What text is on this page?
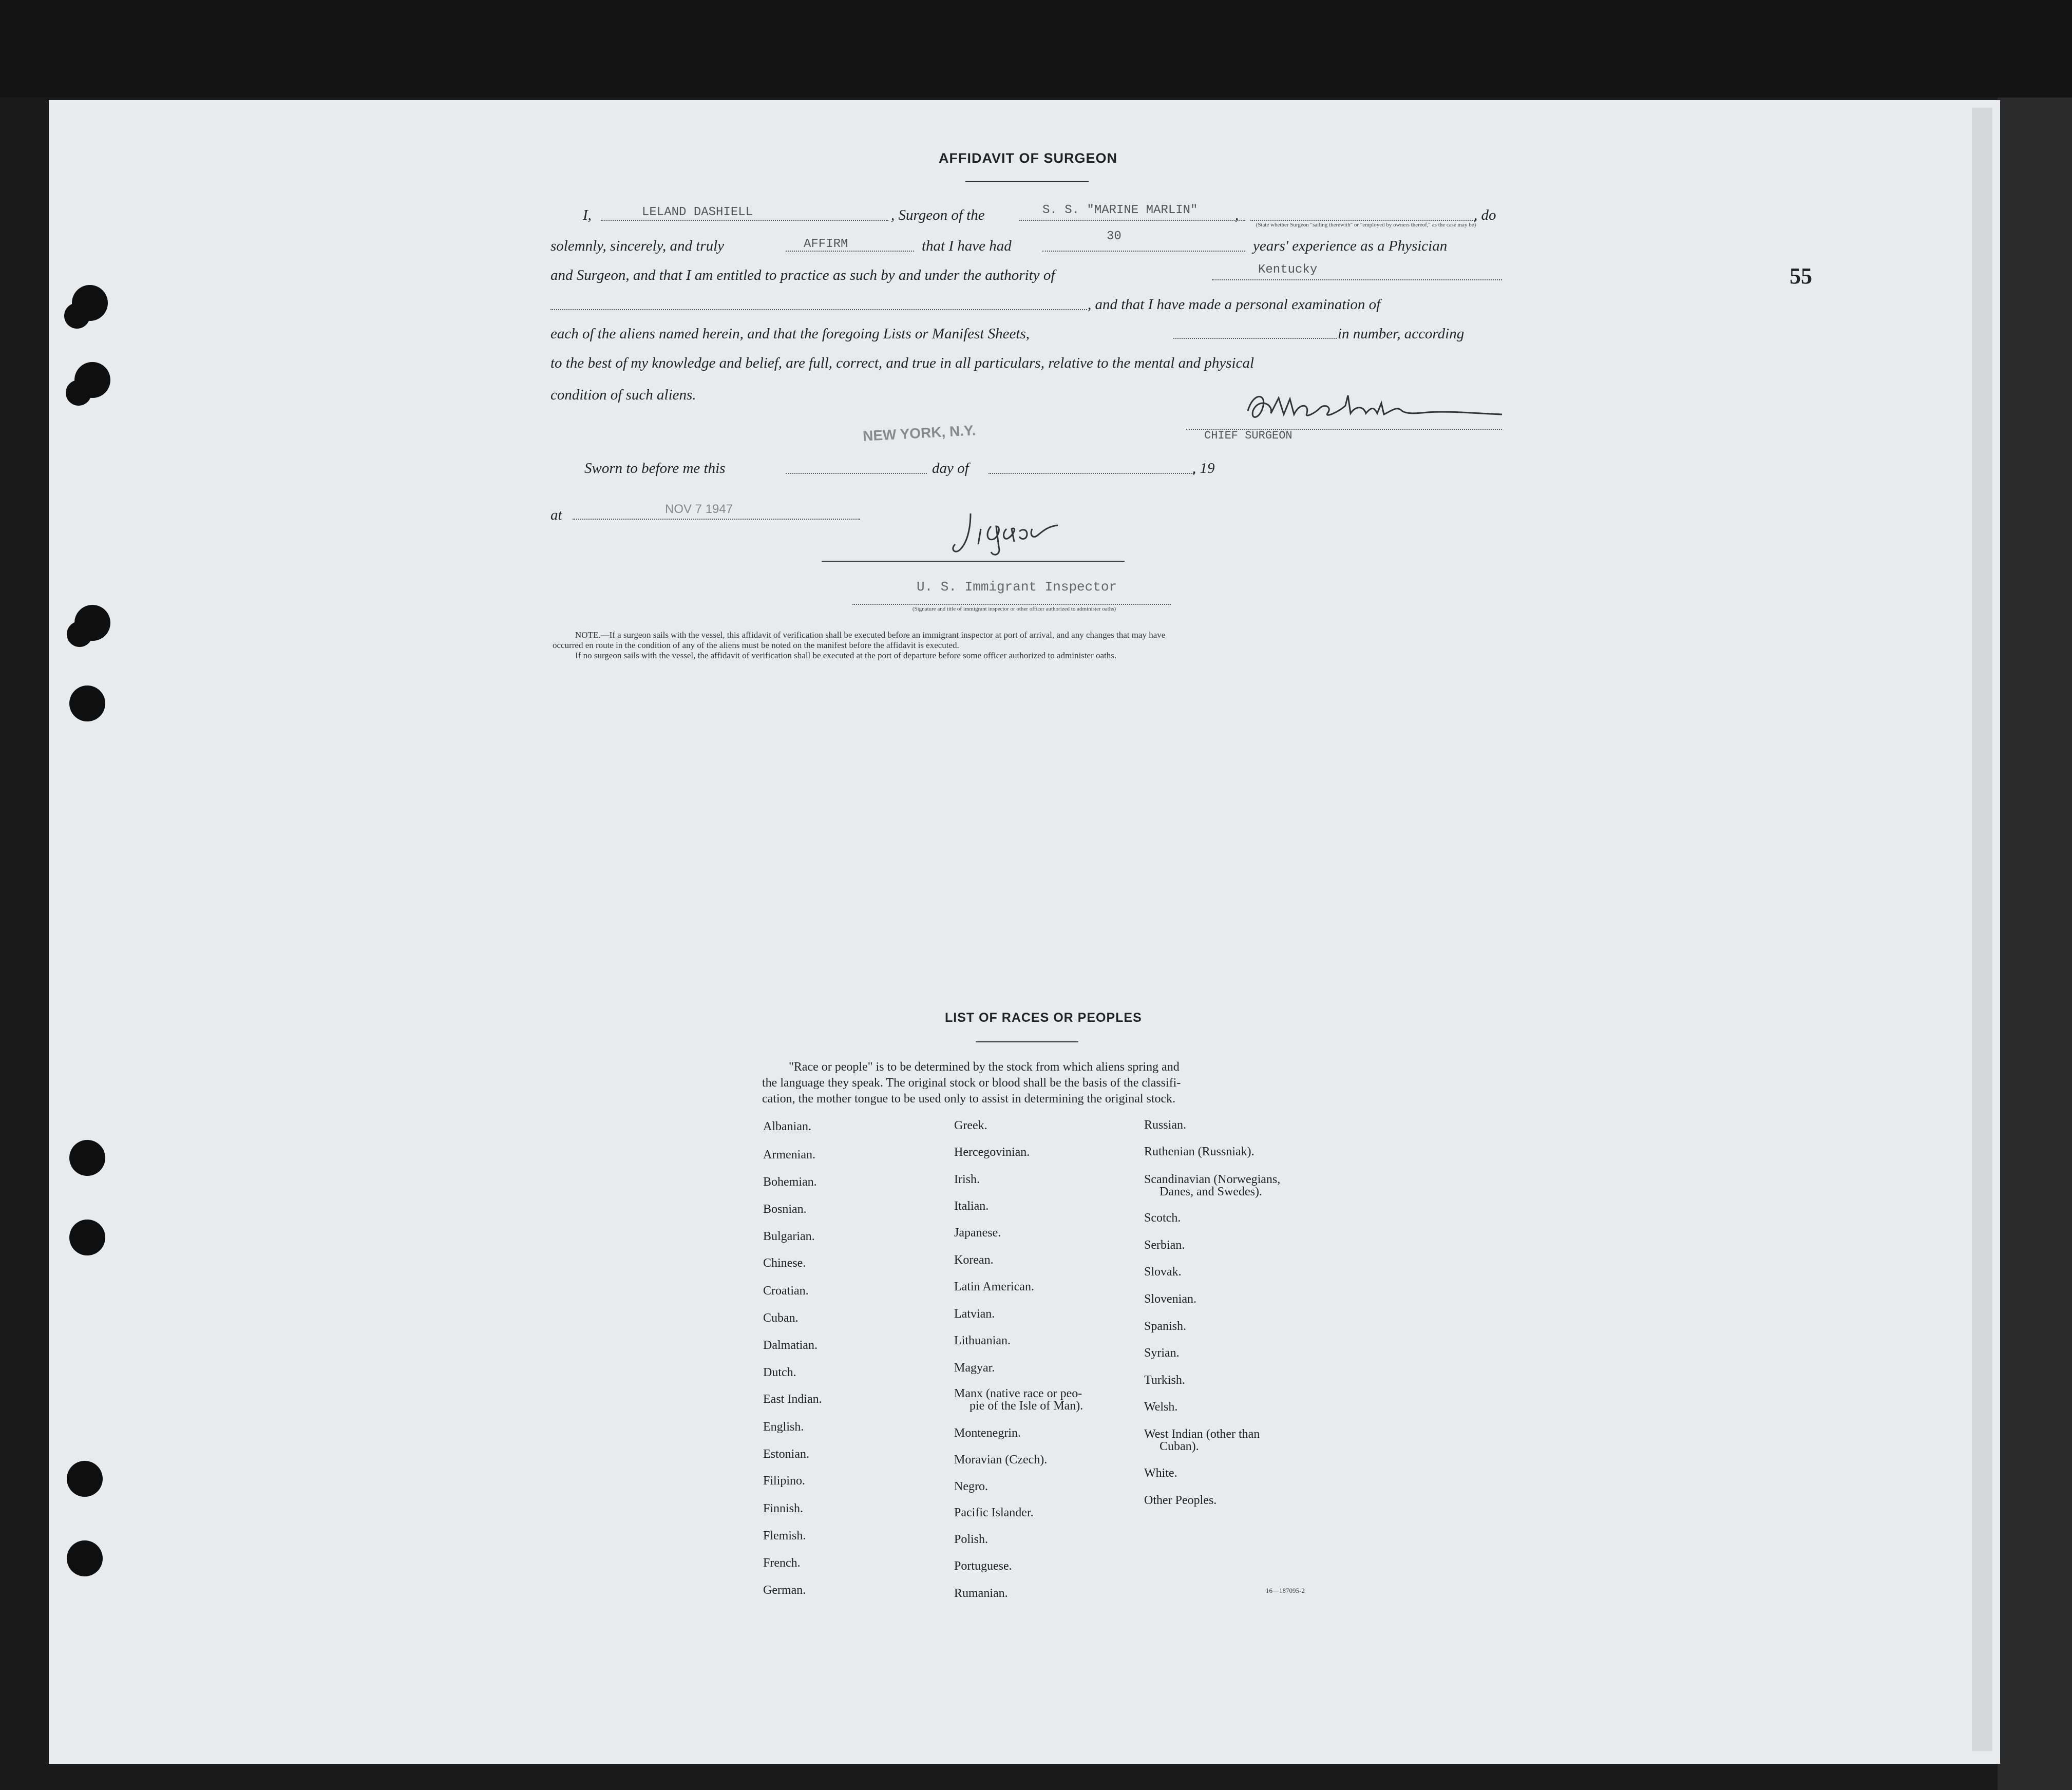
55
AFFIDAVIT OF SURGEON
I,	LELAND DASHIELL	, Surgeon of the	S. S. "MARINE MARLIN"	,
(State whether Surgeon "sailing therewith" or "employed by owners thereof," as the case may be)
, do
solemnly, sincerely, and truly	AFFIRM	that I have had
30
years' experience as a Physician
and Surgeon, and that I am entitled to practice as such by and under the authority of	Kentucky
, and that I have made a personal examination of
each of the aliens named herein, and that the foregoing Lists or Manifest Sheets,	in number, according
to the best of my knowledge and belief, are full, correct, and true in all particulars, relative to the mental and physical
condition of such aliens.
CHIEF SURGEON
NEW YORK, N.Y.
Sworn to before me this	day of	, 19
at	NOV 7 1947
U. S. Immigrant Inspector
(Signature and title of immigrant inspector or other officer authorized to administer oaths)
NOTE.—If a surgeon sails with the vessel, this affidavit of verification shall be executed before an immigrant inspector at port of arrival, and any changes that may have
occurred en route in the condition of any of the aliens must be noted on the manifest before the affidavit is executed.
If no surgeon sails with the vessel, the affidavit of verification shall be executed at the port of departure before some officer authorized to administer oaths.
LIST OF RACES OR PEOPLES
"Race or people" is to be determined by the stock from which aliens spring and
the language they speak. The original stock or blood shall be the basis of the classifi-
cation, the mother tongue to be used only to assist in determining the original stock.
Albanian.
Armenian.
Bohemian.
Bosnian.
Bulgarian.
Chinese.
Croatian.
Cuban.
Dalmatian.
Dutch.
East Indian.
English.
Estonian.
Filipino.
Finnish.
Flemish.
French.
German.
Greek.
Hercegovinian.
Irish.
Italian.
Japanese.
Korean.
Latin American.
Latvian.
Lithuanian.
Magyar.
Manx (native race or peo-
pie of the Isle of Man).
Montenegrin.
Moravian (Czech).
Negro.
Pacific Islander.
Polish.
Portuguese.
Rumanian.
Russian.
Ruthenian (Russniak).
Scandinavian (Norwegians,
Danes, and Swedes).
Scotch.
Serbian.
Slovak.
Slovenian.
Spanish.
Syrian.
Turkish.
Welsh.
West Indian (other than
Cuban).
White.
Other Peoples.
16—187095-2
